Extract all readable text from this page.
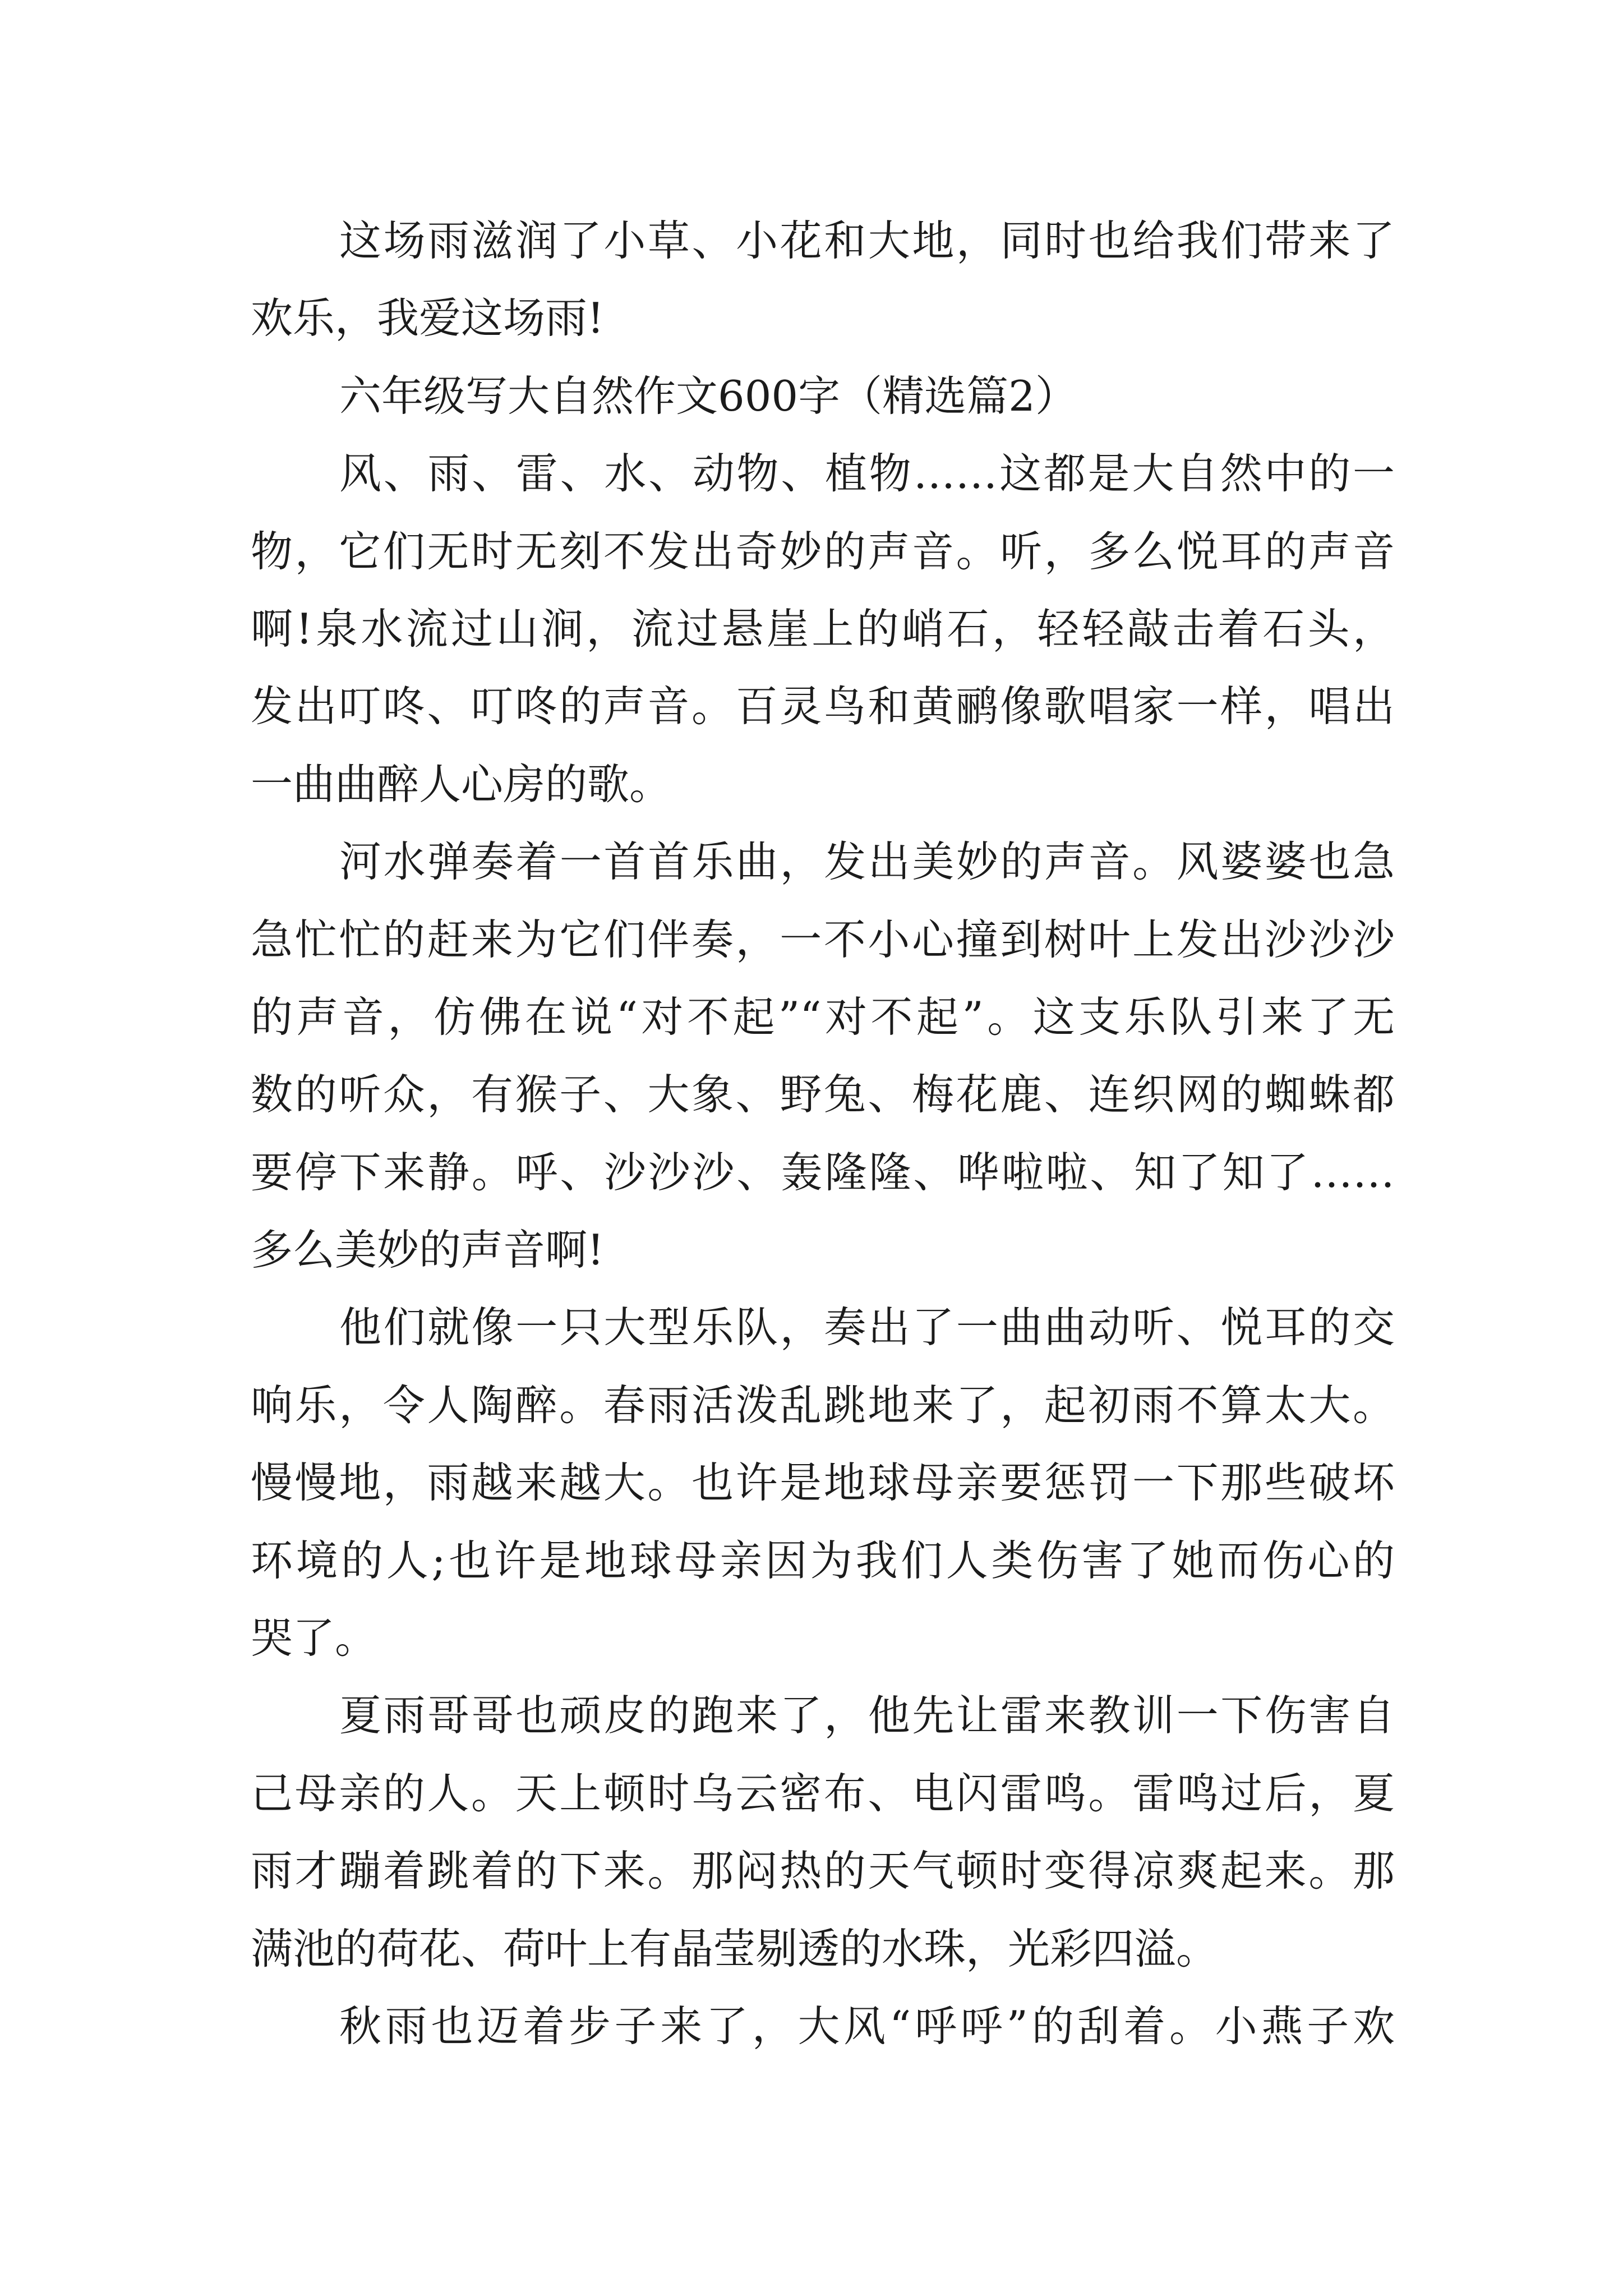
这场雨滋润了小草、小花和大地，同时也给我们带来了
欢乐，我爱这场雨!
六年级写大自然作文600字（精选篇2）
风、雨、雷、水、动物、植物……这都是大自然中的一
物，它们无时无刻不发出奇妙的声音。听，多么悦耳的声音
啊!泉水流过山涧，流过悬崖上的峭石，轻轻敲击着石头，
发出叮咚、叮咚的声音。百灵鸟和黄鹂像歌唱家一样，唱出
一曲曲醉人心房的歌。
河水弹奏着一首首乐曲，发出美妙的声音。风婆婆也急
急忙忙的赶来为它们伴奏，一不小心撞到树叶上发出沙沙沙
的声音，仿佛在说“对不起”“对不起”。这支乐队引来了无
数的听众，有猴子、大象、野兔、梅花鹿、连织网的蜘蛛都
要停下来静。呼、沙沙沙、轰隆隆、哗啦啦、知了知了……
多么美妙的声音啊!
他们就像一只大型乐队，奏出了一曲曲动听、悦耳的交
响乐，令人陶醉。春雨活泼乱跳地来了，起初雨不算太大。
慢慢地，雨越来越大。也许是地球母亲要惩罚一下那些破坏
环境的人;也许是地球母亲因为我们人类伤害了她而伤心的
哭了。
夏雨哥哥也顽皮的跑来了，他先让雷来教训一下伤害自
己母亲的人。天上顿时乌云密布、电闪雷鸣。雷鸣过后，夏
雨才蹦着跳着的下来。那闷热的天气顿时变得凉爽起来。那
满池的荷花、荷叶上有晶莹剔透的水珠，光彩四溢。
秋雨也迈着步子来了，大风“呼呼”的刮着。小燕子欢
